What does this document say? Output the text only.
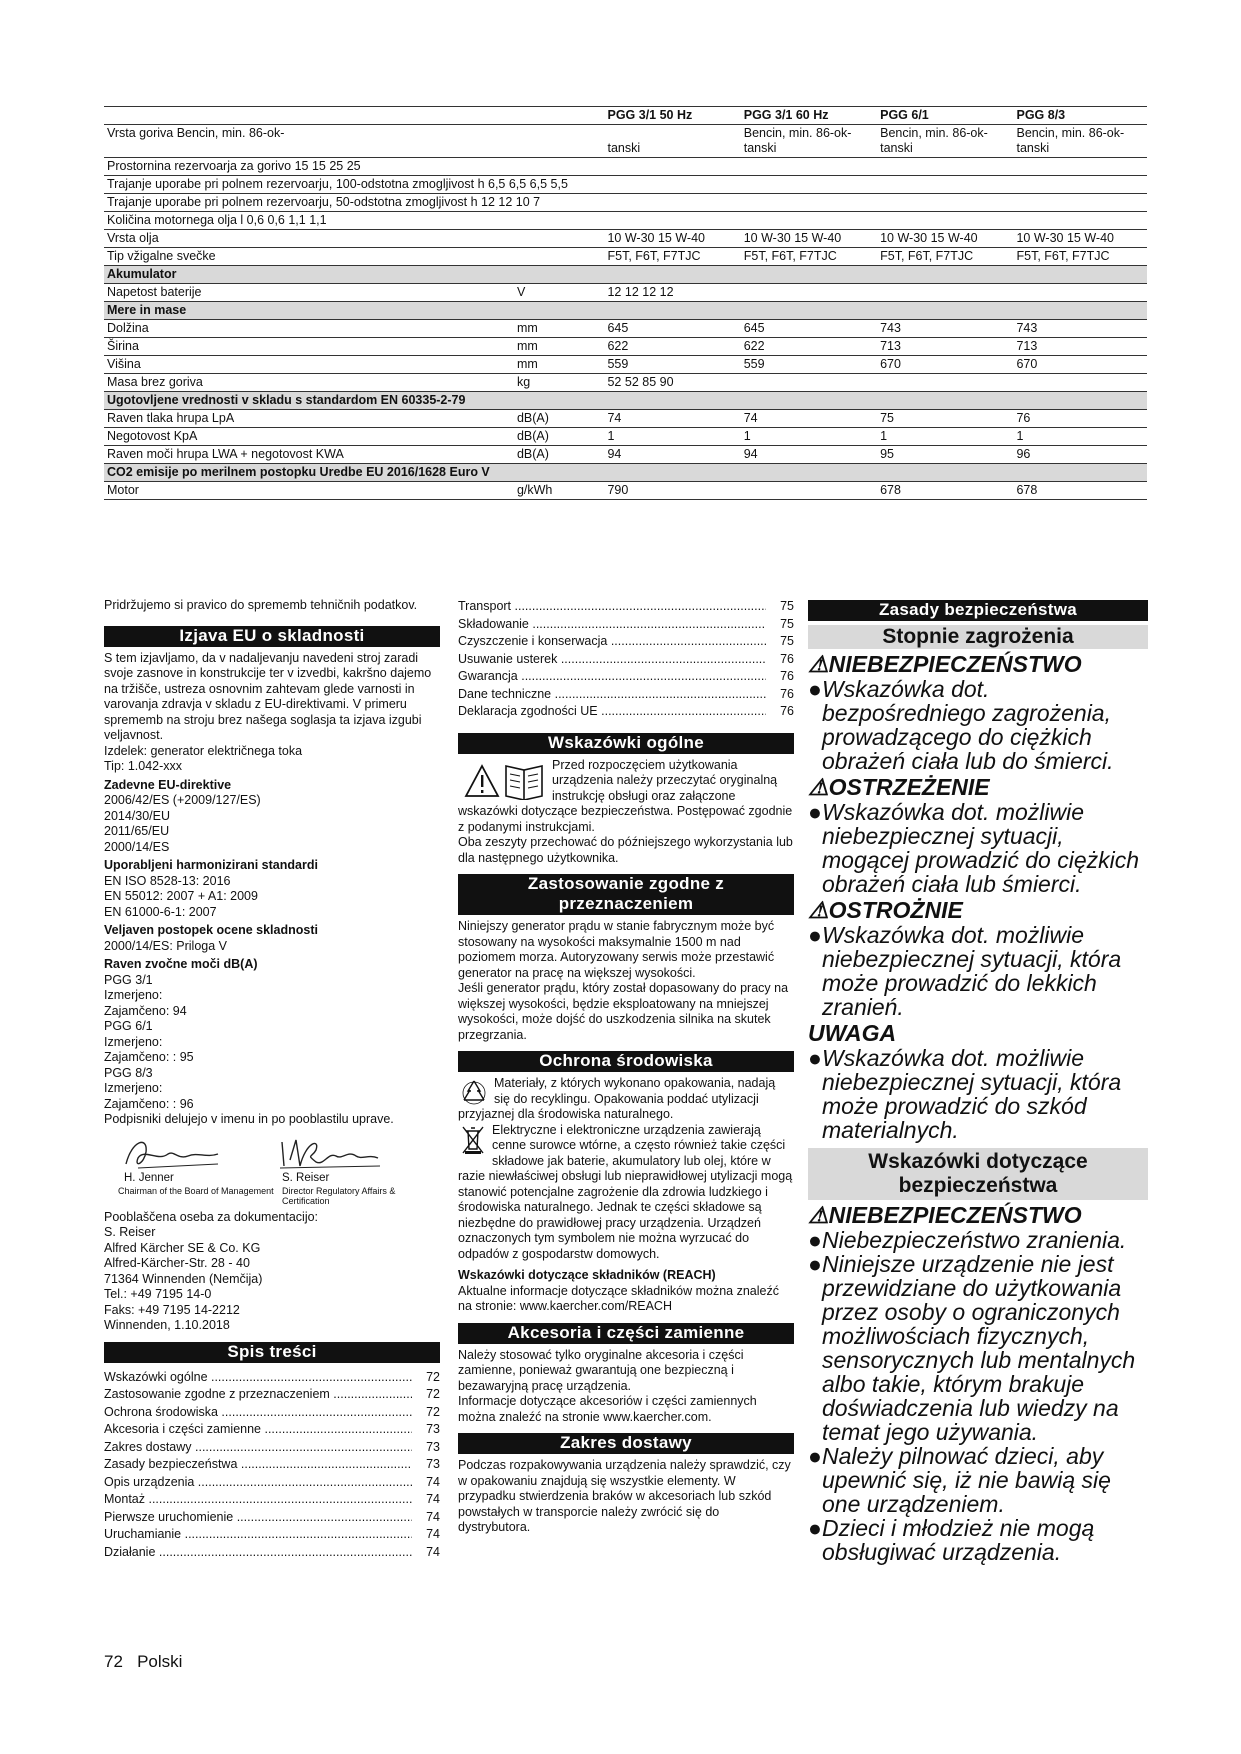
		PGG 3/1 50 Hz	PGG 3/1 60 Hz	PGG 6/1	PGG 8/3
Vrsta goriva Bencin, min. 86-ok-		tanski	Bencin, min. 86-ok- tanski	Bencin, min. 86-ok- tanski	Bencin, min. 86-ok- tanski
Prostornina rezervoarja za gorivo 15 15 25 25					
Trajanje uporabe pri polnem rezervoarju, 100-odstotna zmogljivost h 6,5 6,5 6,5 5,5					
Trajanje uporabe pri polnem rezervoarju, 50-odstotna zmogljivost h 12 12 10 7					
Količina motornega olja l 0,6 0,6 1,1 1,1					
Vrsta olja		10 W-30 15 W-40	10 W-30 15 W-40	10 W-30 15 W-40	10 W-30 15 W-40
Tip vžigalne svečke		F5T, F6T, F7TJC	F5T, F6T, F7TJC	F5T, F6T, F7TJC	F5T, F6T, F7TJC
Akumulator					
Napetost baterije	V	12 12 12 12			
Mere in mase					
Dolžina	mm	645	645	743	743
Širina	mm	622	622	713	713
Višina	mm	559	559	670	670
Masa brez goriva	kg	52 52 85 90			
Ugotovljene vrednosti v skladu s standardom EN 60335-2-79					
Raven tlaka hrupa LpA	dB(A)	74	74	75	76
Negotovost KpA	dB(A)	1	1	1	1
Raven moči hrupa LWA + negotovost KWA	dB(A)	94	94	95	96
CO2 emisije po merilnem postopku Uredbe EU 2016/1628 Euro V					
Motor	g/kWh	790		678	678

Pridržujemo si pravico do sprememb tehničnih podatkov.

Izjava EU o skladnosti

S tem izjavljamo, da v nadaljevanju navedeni stroj zaradi svoje zasnove in konstrukcije ter v izvedbi, kakršno dajemo na tržišče, ustreza osnovnim zahtevam glede varnosti in varovanja zdravja v skladu z EU-direktivami. V primeru sprememb na stroju brez našega soglasja ta izjava izgubi veljavnost.

Izdelek: generator električnega toka

Tip: 1.042-xxx

Zadevne EU-direktive

2006/42/ES (+2009/127/ES)

2014/30/EU

2011/65/EU

2000/14/ES

Uporabljeni harmonizirani standardi

EN ISO 8528-13: 2016

EN 55012: 2007 + A1: 2009

EN 61000-6-1: 2007

Veljaven postopek ocene skladnosti

2000/14/ES: Priloga V

Raven zvočne moči dB(A)

PGG 3/1

Izmerjeno:

Zajamčeno: 94

PGG 6/1

Izmerjeno:

Zajamčeno: : 95

PGG 8/3

Izmerjeno:

Zajamčeno: : 96

Podpisniki delujejo v imenu in po pooblastilu uprave.

H. Jenner
Chairman of the Board of Management
S. Reiser
Director Regulatory Affairs & Certification

Pooblaščena oseba za dokumentacijo:

S. Reiser

Alfred Kärcher SE & Co. KG

Alfred-Kärcher-Str. 28 - 40

71364 Winnenden (Nemčija)

Tel.: +49 7195 14-0

Faks: +49 7195 14-2212

Winnenden, 1.10.2018

Spis treści
Wskazówki ogólne .....	72
Zastosowanie zgodne z przeznaczeniem .....	72
Ochrona środowiska .....	72
Akcesoria i części zamienne .....	73
Zakres dostawy .....	73
Zasady bezpieczeństwa .....	73
Opis urządzenia .....	74
Montaż .....	74
Pierwsze uruchomienie .....	74
Uruchamianie .....	74
Działanie .....	74
Transport .....	75
Składowanie .....	75
Czyszczenie i konserwacja .....	75
Usuwanie usterek .....	76
Gwarancja .....	76
Dane techniczne .....	76
Deklaracja zgodności UE .....	76
Wskazówki ogólne

Przed rozpoczęciem użytkowania urządzenia należy przeczytać oryginalną instrukcję obsługi oraz załączone wskazówki dotyczące bezpieczeństwa. Postępować zgodnie z podanymi instrukcjami.

Oba zeszyty przechować do późniejszego wykorzystania lub dla następnego użytkownika.

Zastosowanie zgodne z przeznaczeniem

Niniejszy generator prądu w stanie fabrycznym może być stosowany na wysokości maksymalnie 1500 m nad poziomem morza. Autoryzowany serwis może przestawić generator na pracę na większej wysokości.

Jeśli generator prądu, który został dopasowany do pracy na większej wysokości, będzie eksploatowany na mniejszej wysokości, może dojść do uszkodzenia silnika na skutek przegrzania.

Ochrona środowiska

Materiały, z których wykonano opakowania, nadają się do recyklingu. Opakowania poddać utylizacji przyjaznej dla środowiska naturalnego.

Elektryczne i elektroniczne urządzenia zawierają cenne surowce wtórne, a często również takie części składowe jak baterie, akumulatory lub olej, które w razie niewłaściwej obsługi lub nieprawidłowej utylizacji mogą stanowić potencjalne zagrożenie dla zdrowia ludzkiego i środowiska naturalnego. Jednak te części składowe są niezbędne do prawidłowej pracy urządzenia. Urządzeń oznaczonych tym symbolem nie można wyrzucać do odpadów z gospodarstw domowych.

Wskazówki dotyczące składników (REACH)

Aktualne informacje dotyczące składników można znaleźć na stronie: www.kaercher.com/REACH

Akcesoria i części zamienne

Należy stosować tylko oryginalne akcesoria i części zamienne, ponieważ gwarantują one bezpieczną i bezawaryjną pracę urządzenia.

Informacje dotyczące akcesoriów i części zamiennych można znaleźć na stronie www.kaercher.com.

Zakres dostawy

Podczas rozpakowywania urządzenia należy sprawdzić, czy w opakowaniu znajdują się wszystkie elementy. W przypadku stwierdzenia braków w akcesoriach lub szkód powstałych w transporcie należy zwrócić się do dystrybutora.

Zasady bezpieczeństwa
Stopnie zagrożenia

⚠NIEBEZPIECZEŃSTWO

● Wskazówka dot. bezpośredniego zagrożenia, prowadzącego do ciężkich obrażeń ciała lub do śmierci.

⚠OSTRZEŻENIE

● Wskazówka dot. możliwie niebezpiecznej sytuacji, mogącej prowadzić do ciężkich obrażeń ciała lub śmierci.

⚠OSTROŻNIE

● Wskazówka dot. możliwie niebezpiecznej sytuacji, która może prowadzić do lekkich zranień.

UWAGA

● Wskazówka dot. możliwie niebezpiecznej sytuacji, która może prowadzić do szkód materialnych.
Wskazówki dotyczące bezpieczeństwa

⚠NIEBEZPIECZEŃSTWO

● Niebezpieczeństwo zranienia.
● Niniejsze urządzenie nie jest przewidziane do użytkowania przez osoby o ograniczonych możliwościach fizycznych, sensorycznych lub mentalnych albo takie, którym brakuje doświadczenia lub wiedzy na temat jego używania.
● Należy pilnować dzieci, aby upewnić się, iż nie bawią się one urządzeniem.
● Dzieci i młodzież nie mogą obsługiwać urządzenia.
72 Polski
